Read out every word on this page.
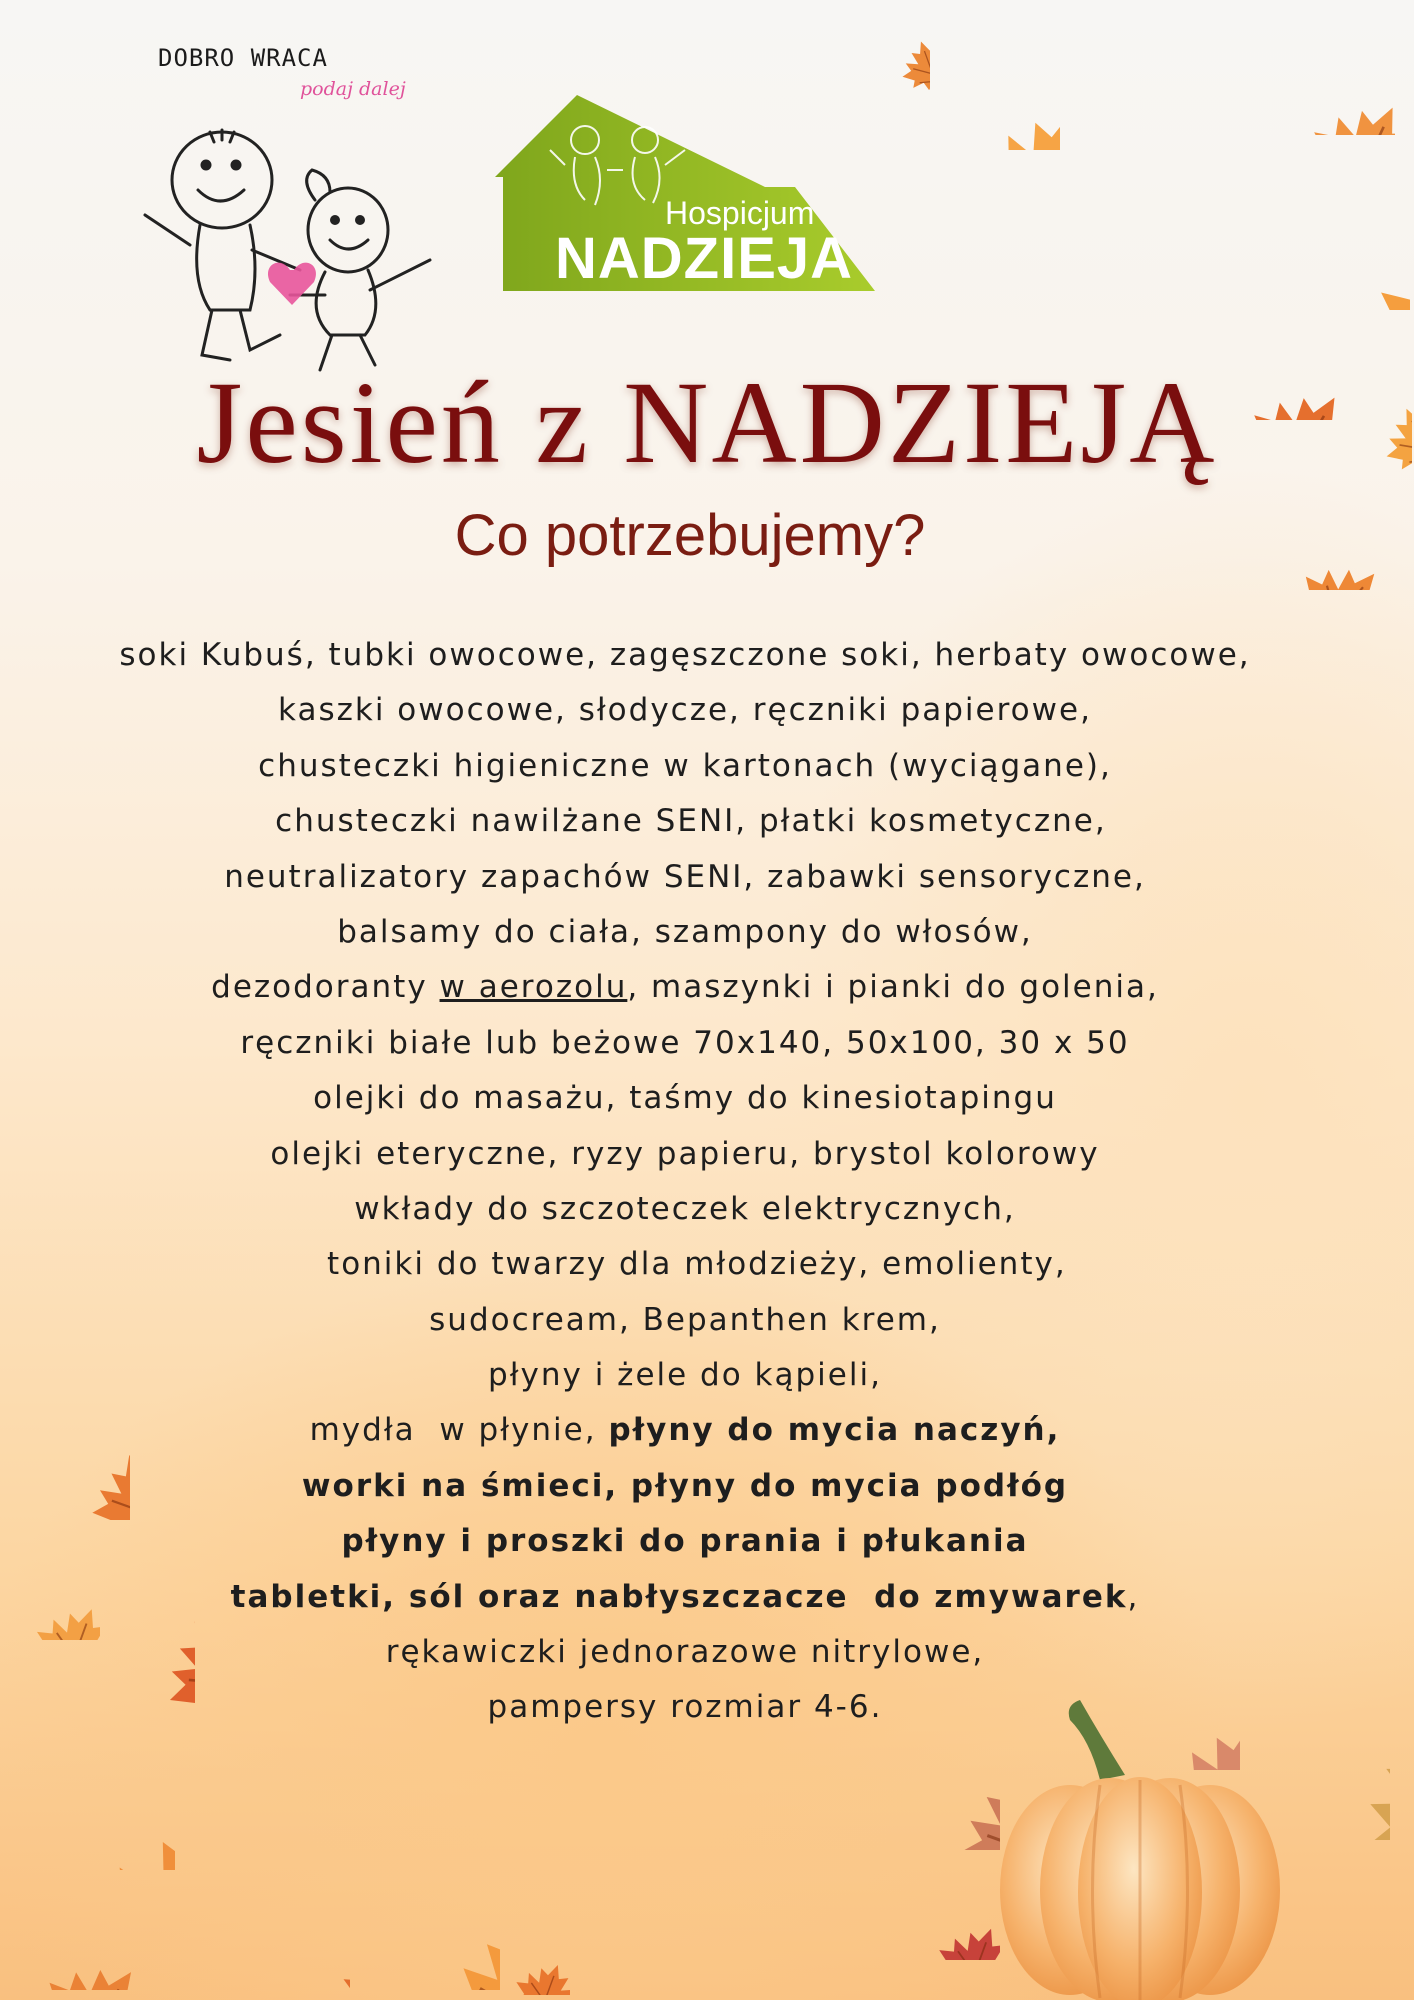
DOBRO WRACA
podaj dalej
Hospicjum
NADZIEJA
Jesień z NADZIEJĄ
Co potrzebujemy?
soki Kubuś, tubki owocowe, zagęszczone soki, herbaty owocowe,
kaszki owocowe, słodycze, ręczniki papierowe,
chusteczki higieniczne w kartonach (wyciągane),
chusteczki nawilżane SENI, płatki kosmetyczne,
neutralizatory zapachów SENI, zabawki sensoryczne,
balsamy do ciała, szampony do włosów,
dezodoranty w aerozolu, maszynki i pianki do golenia,
ręczniki białe lub beżowe 70x140, 50x100, 30 x 50
olejki do masażu, taśmy do kinesiotapingu
olejki eteryczne, ryzy papieru, brystol kolorowy
wkłady do szczoteczek elektrycznych,
toniki do twarzy dla młodzieży, emolienty,
sudocream, Bepanthen krem,
płyny i żele do kąpieli,
mydła  w płynie, płyny do mycia naczyń,
worki na śmieci, płyny do mycia podłóg
płyny i proszki do prania i płukania
tabletki, sól oraz nabłyszczacze  do zmywarek,
rękawiczki jednorazowe nitrylowe,
pampersy rozmiar 4-6.
